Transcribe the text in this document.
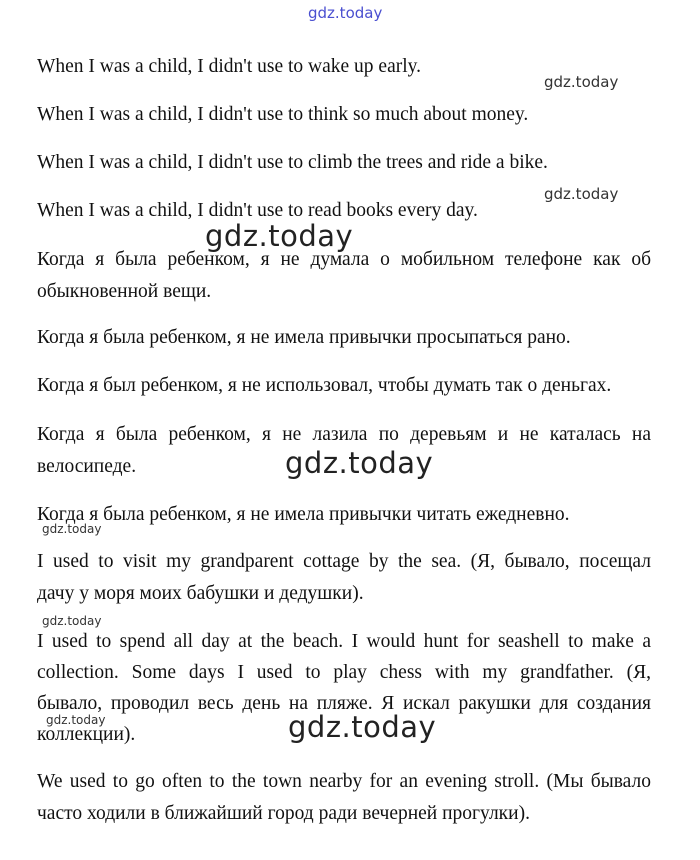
gdz.today
When I was a child, I didn't use to wake up early.
When I was a child, I didn't use to think so much about money.
When I was a child, I didn't use to climb the trees and ride a bike.
When I was a child, I didn't use to read books every day.
Когда я была ребенком, я не думала о мобильном телефоне как об
обыкновенной вещи.
Когда я была ребенком, я не имела привычки просыпаться рано.
Когда я был ребенком, я не использовал, чтобы думать так о деньгах.
Когда я была ребенком, я не лазила по деревьям и не каталась на
велосипеде.
Когда я была ребенком, я не имела привычки читать ежедневно.
I used to visit my grandparent cottage by the sea. (Я, бывало, посещал
дачу у моря моих бабушки и дедушки).
I used to spend all day at the beach. I would hunt for seashell to make a
collection. Some days I used to play chess with my grandfather. (Я,
бывало, проводил весь день на пляже. Я искал ракушки для создания
коллекции).
We used to go often to the town nearby for an evening stroll. (Мы бывало
часто ходили в ближайший город ради вечерней прогулки).
gdz.today
gdz.today
gdz.today
gdz.today
gdz.today
gdz.today
gdz.today	gdz.today
